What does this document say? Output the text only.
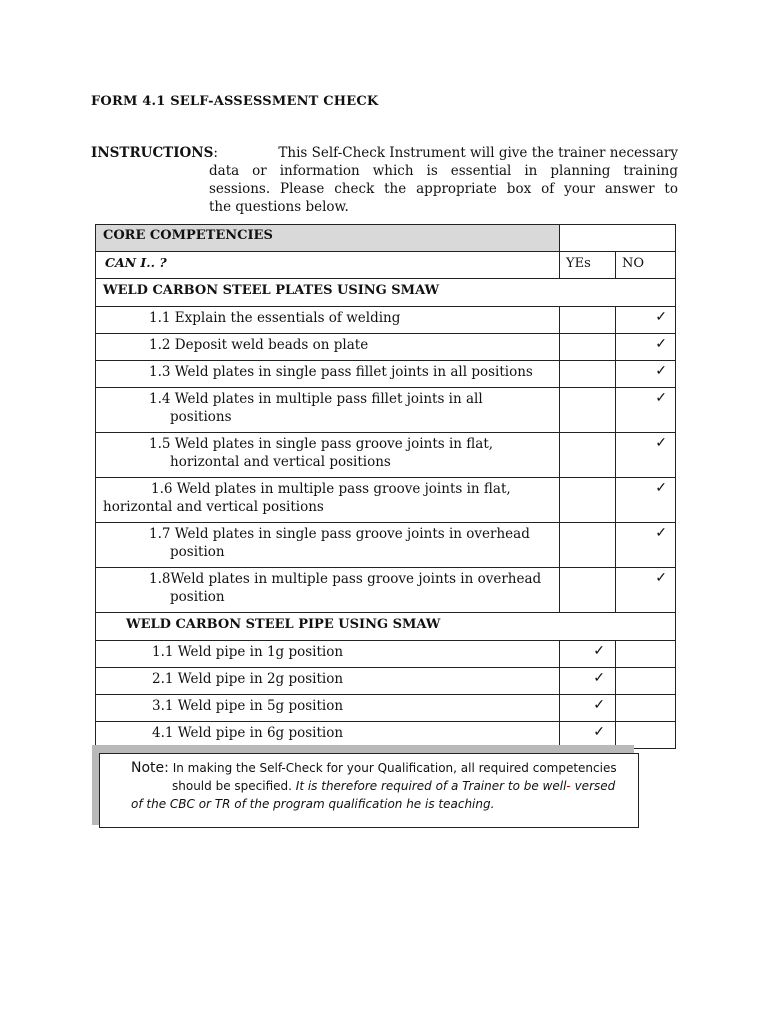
FORM 4.1 SELF-ASSESSMENT CHECK
INSTRUCTIONS:	This Self-Check Instrument will give the trainer necessary
data or information which is essential in planning training
sessions. Please check the appropriate box of your answer to
the questions below.
CORE COMPETENCIES		
CAN I.. ?	YEs	NO
WELD CARBON STEEL PLATES USING SMAW		
1.1 Explain the essentials of welding		✓
1.2 Deposit weld beads on plate		✓
1.3 Weld plates in single pass fillet joints in all positions		✓
1.4 Weld plates in multiple pass fillet joints in all
positions		✓
1.5 Weld plates in single pass groove joints in flat,
horizontal and vertical positions		✓

1.6 Weld plates in multiple pass groove joints in flat,
horizontal and vertical positions		✓
1.7 Weld plates in single pass groove joints in overhead
position		✓
1.8Weld plates in multiple pass groove joints in overhead
position		✓
WELD CARBON STEEL PIPE USING SMAW		
1.1 Weld pipe in 1g position	✓	
2.1 Weld pipe in 2g position	✓	
3.1 Weld pipe in 5g position	✓	
4.1 Weld pipe in 6g position	✓	
Note: In making the Self-Check for your Qualification, all required competencies
should be specified. It is therefore required of a Trainer to be well- versed
of the CBC or TR of the program qualification he is teaching.
